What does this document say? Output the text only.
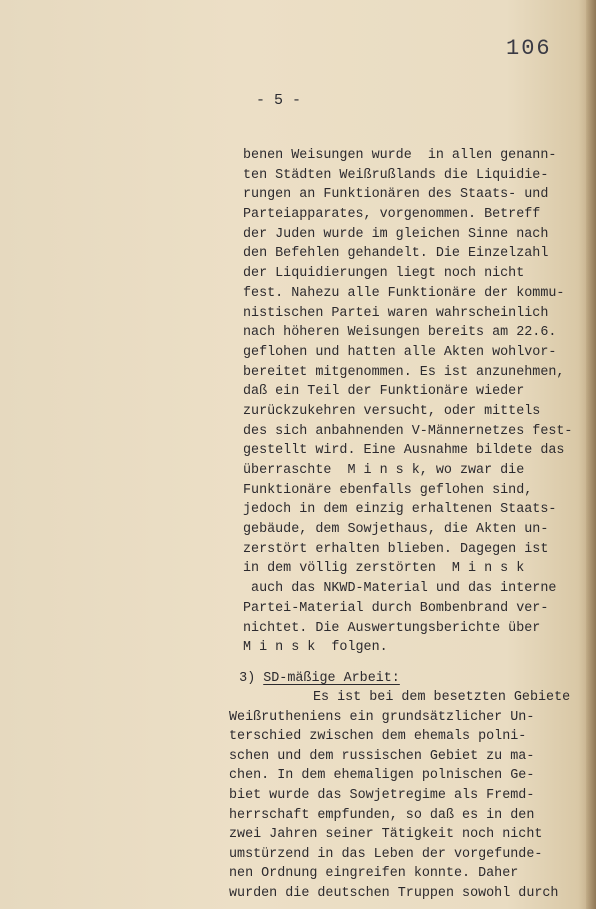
106
- 5 -
benen Weisungen wurde  in allen genann-
ten Städten Weißrußlands die Liquidie-
rungen an Funktionären des Staats- und
Parteiapparates, vorgenommen. Betreff
der Juden wurde im gleichen Sinne nach
den Befehlen gehandelt. Die Einzelzahl
der Liquidierungen liegt noch nicht
fest. Nahezu alle Funktionäre der kommu-
nistischen Partei waren wahrscheinlich
nach höheren Weisungen bereits am 22.6.
geflohen und hatten alle Akten wohlvor-
bereitet mitgenommen. Es ist anzunehmen,
daß ein Teil der Funktionäre wieder
zurückzukehren versucht, oder mittels
des sich anbahnenden V-Männernetzes fest-
gestellt wird. Eine Ausnahme bildete das
überraschte  M i n s k, wo zwar die
Funktionäre ebenfalls geflohen sind,
jedoch in dem einzig erhaltenen Staats-
gebäude, dem Sowjethaus, die Akten un-
zerstört erhalten blieben. Dagegen ist
in dem völlig zerstörten  M i n s k
auch das NKWD-Material und das interne
Partei-Material durch Bombenbrand ver-
nichtet. Die Auswertungsberichte über
M i n s k  folgen.

3) SD-mäßige Arbeit:

Es ist bei dem besetzten Gebiete
Weißrutheniens ein grundsätzlicher Un-
terschied zwischen dem ehemals polni-
schen und dem russischen Gebiet zu ma-
chen. In dem ehemaligen polnischen Ge-
biet wurde das Sowjetregime als Fremd-
herrschaft empfunden, so daß es in den
zwei Jahren seiner Tätigkeit noch nicht
umstürzend in das Leben der vorgefunde-
nen Ordnung eingreifen konnte. Daher
wurden die deutschen Truppen sowohl durch
